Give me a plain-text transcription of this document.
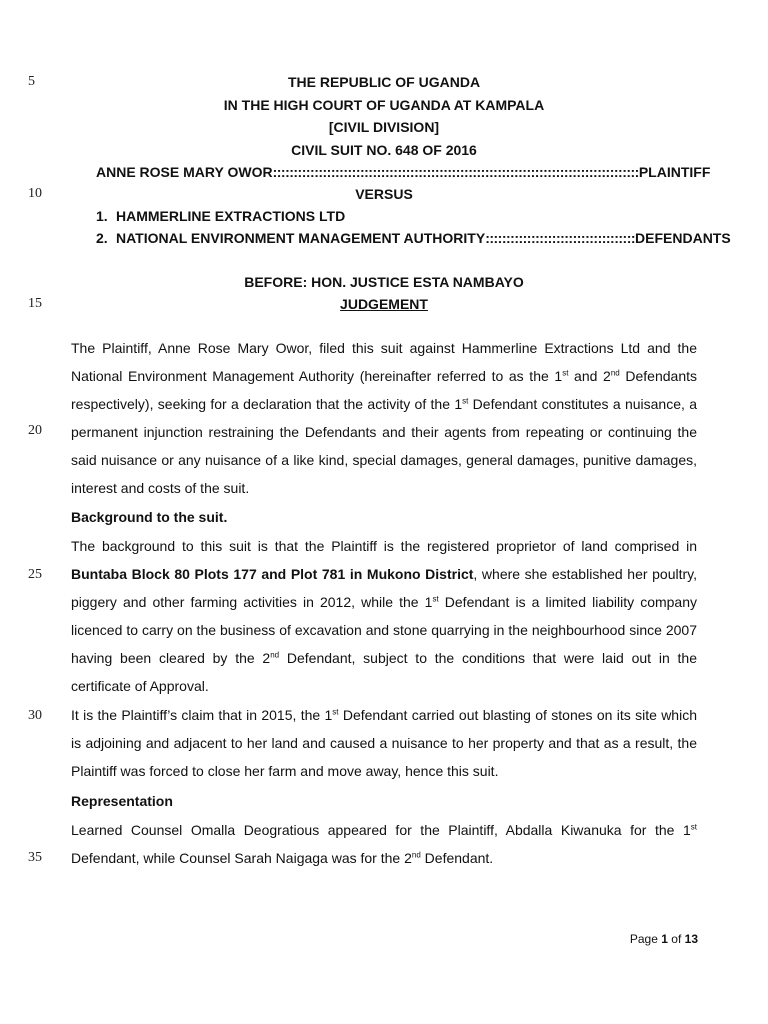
5
10
15
20
25
30
35
THE REPUBLIC OF UGANDA
IN THE HIGH COURT OF UGANDA AT KAMPALA
[CIVIL DIVISION]
CIVIL SUIT NO. 648 OF 2016
ANNE ROSE MARY OWOR :::::::::::::::::::::::::::::::::::::::::::::::::::::::::::::::::::::::::::::::::::::::: PLAINTIFF
VERSUS
1. HAMMERLINE EXTRACTIONS LTD
2. NATIONAL ENVIRONMENT MANAGEMENT AUTHORITY :::::::::::::::::::::::::::::::::::: DEFENDANTS
BEFORE: HON. JUSTICE ESTA NAMBAYO
JUDGEMENT

The Plaintiff, Anne Rose Mary Owor, filed this suit against Hammerline Extractions Ltd and the National Environment Management Authority (hereinafter referred to as the 1st and 2nd Defendants respectively), seeking for a declaration that the activity of the 1st Defendant constitutes a nuisance, a permanent injunction restraining the Defendants and their agents from repeating or continuing the said nuisance or any nuisance of a like kind, special damages, general damages, punitive damages, interest and costs of the suit.

Background to the suit.

The background to this suit is that the Plaintiff is the registered proprietor of land comprised in Buntaba Block 80 Plots 177 and Plot 781 in Mukono District, where she established her poultry, piggery and other farming activities in 2012, while the 1st Defendant is a limited liability company licenced to carry on the business of excavation and stone quarrying in the neighbourhood since 2007 having been cleared by the 2nd Defendant, subject to the conditions that were laid out in the certificate of Approval.

It is the Plaintiff’s claim that in 2015, the 1st Defendant carried out blasting of stones on its site which is adjoining and adjacent to her land and caused a nuisance to her property and that as a result, the Plaintiff was forced to close her farm and move away, hence this suit.

Representation

Learned Counsel Omalla Deogratious appeared for the Plaintiff, Abdalla Kiwanuka for the 1st Defendant, while Counsel Sarah Naigaga was for the 2nd Defendant.

Page 1 of 13
